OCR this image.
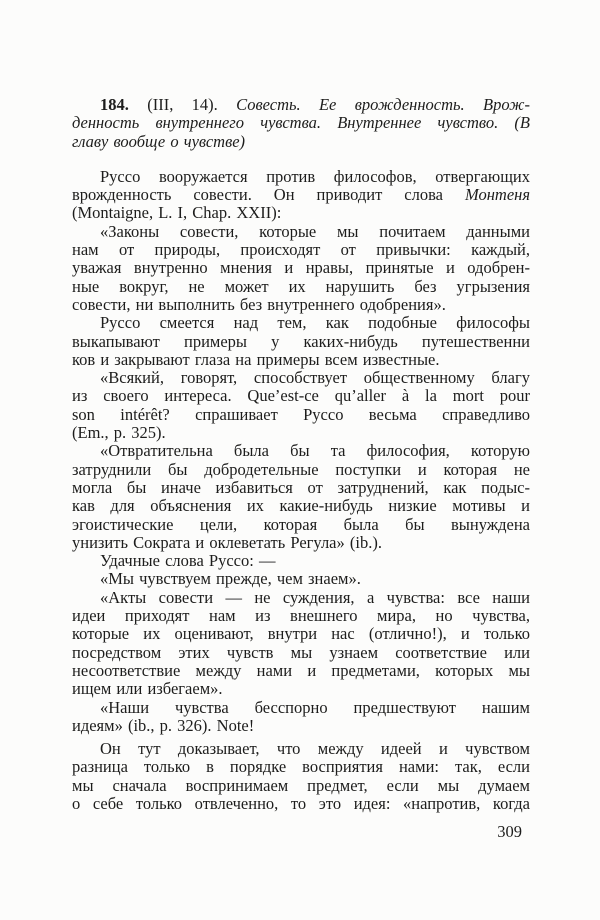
184. (III, 14). Совесть. Ее врожденность. Врож-
денность внутреннего чувства. Внутреннее чувство. (В
главу вообще о чувстве)
Руссо вооружается против философов, отвергающих
врожденность совести. Он приводит слова Монтеня
(Montaigne, L. I, Chap. XXII):
«Законы совести, которые мы почитаем данными
нам от природы, происходят от привычки: каждый,
уважая внутренно мнения и нравы, принятые и одобрен-
ные вокруг, не может их нарушить без угрызения
совести, ни выполнить без внутреннего одобрения».
Руссо смеется над тем, как подобные философы
выкапывают примеры у каких-нибудь путешественни
ков и закрывают глаза на примеры всем известные.
«Всякий, говорят, способствует общественному благу
из своего интереса. Que’est-ce qu’aller à la mort pour
son intérêt? спрашивает Руссо весьма справедливо
(Em., p. 325).
«Отвратительна была бы та философия, которую
затруднили бы добродетельные поступки и которая не
могла бы иначе избавиться от затруднений, как подыс-
кав для объяснения их какие-нибудь низкие мотивы и
эгоистические цели, которая была бы вынуждена
унизить Сократа и оклеветать Регула» (ib.).
Удачные слова Руссо: —
«Мы чувствуем прежде, чем знаем».
«Акты совести — не суждения, а чувства: все наши
идеи приходят нам из внешнего мира, но чувства,
которые их оценивают, внутри нас (отлично!), и только
посредством этих чувств мы узнаем соответствие или
несоответствие между нами и предметами, которых мы
ищем или избегаем».
«Наши чувства бесспорно предшествуют нашим
идеям» (ib., p. 326). Note!
Он тут доказывает, что между идеей и чувством
разница только в порядке восприятия нами: так, если
мы сначала воспринимаем предмет, если мы думаем
о себе только отвлеченно, то это идея: «напротив, когда
309
